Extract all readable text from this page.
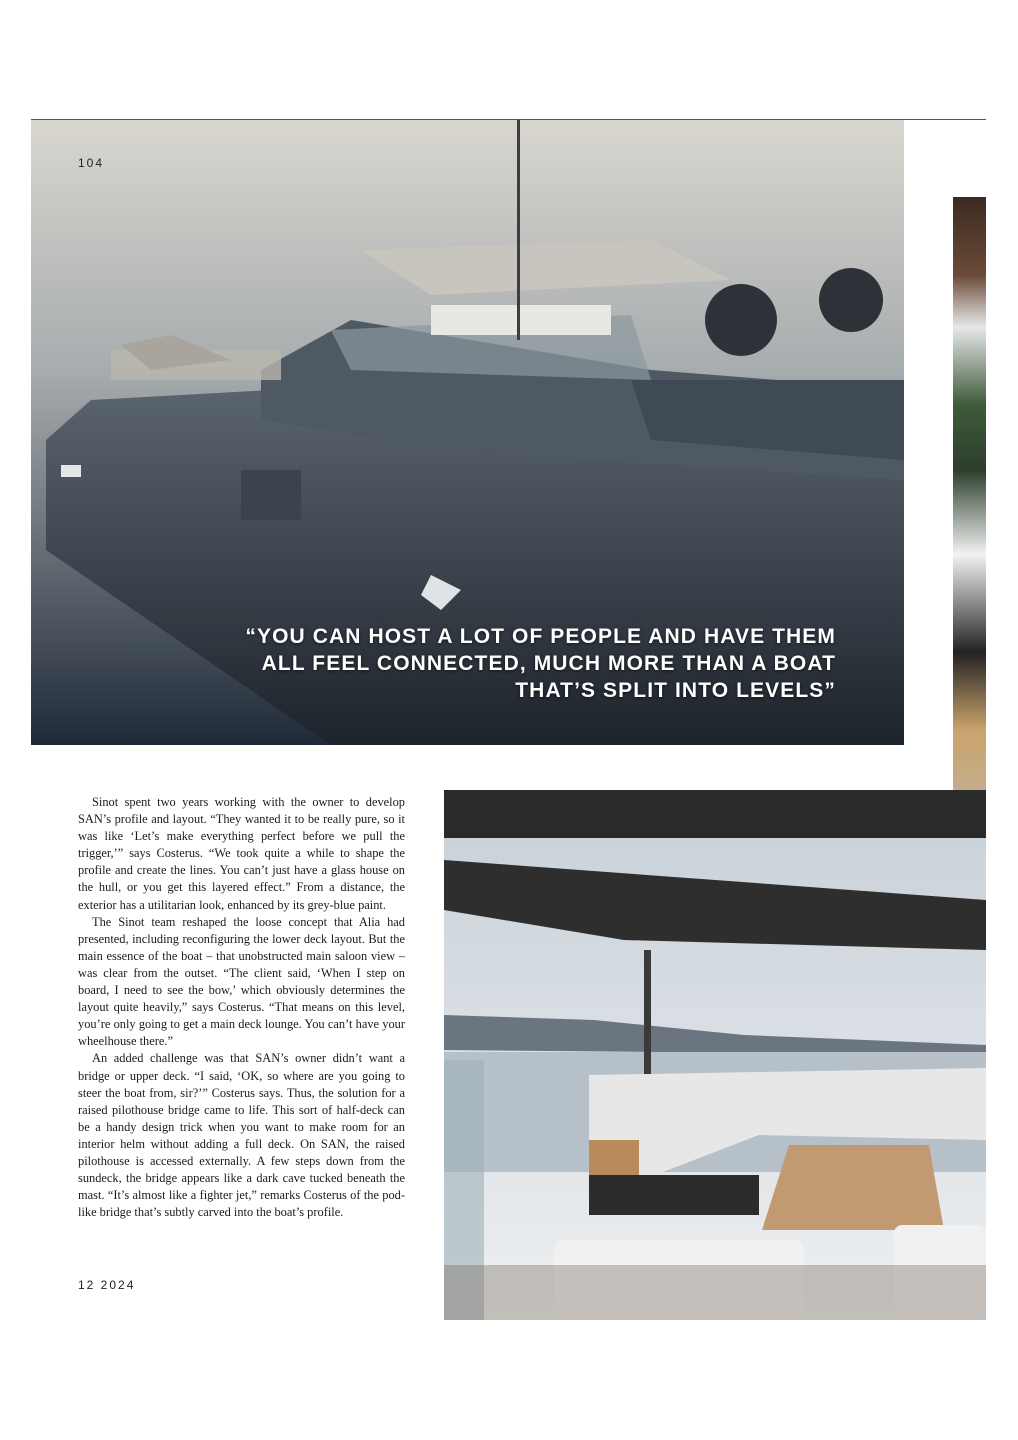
“YOU CAN HOST A LOT OF PEOPLE AND HAVE THEM ALL FEEL CONNECTED, MUCH MORE THAN A BOAT THAT’S SPLIT INTO LEVELS”
104

Sinot spent two years working with the owner to develop SAN’s profile and layout. “They wanted it to be really pure, so it was like ‘Let’s make everything perfect before we pull the trigger,’” says Costerus. “We took quite a while to shape the profile and create the lines. You can’t just have a glass house on the hull, or you get this layered effect.” From a distance, the exterior has a utilitarian look, enhanced by its grey-blue paint.

The Sinot team reshaped the loose concept that Alia had presented, including reconfiguring the lower deck layout. But the main essence of the boat – that unobstructed main saloon view – was clear from the outset. “The client said, ‘When I step on board, I need to see the bow,’ which obviously determines the layout quite heavily,” says Costerus. “That means on this level, you’re only going to get a main deck lounge. You can’t have your wheelhouse there.”

An added challenge was that SAN’s owner didn’t want a bridge or upper deck. “I said, ‘OK, so where are you going to steer the boat from, sir?’” Costerus says. Thus, the solution for a raised pilothouse bridge came to life. This sort of half-deck can be a handy design trick when you want to make room for an interior helm without adding a full deck. On SAN, the raised pilothouse is accessed externally. A few steps down from the sundeck, the bridge appears like a dark cave tucked beneath the mast. “It’s almost like a fighter jet,” remarks Costerus of the pod-like bridge that’s subtly carved into the boat’s profile.

12 2024
